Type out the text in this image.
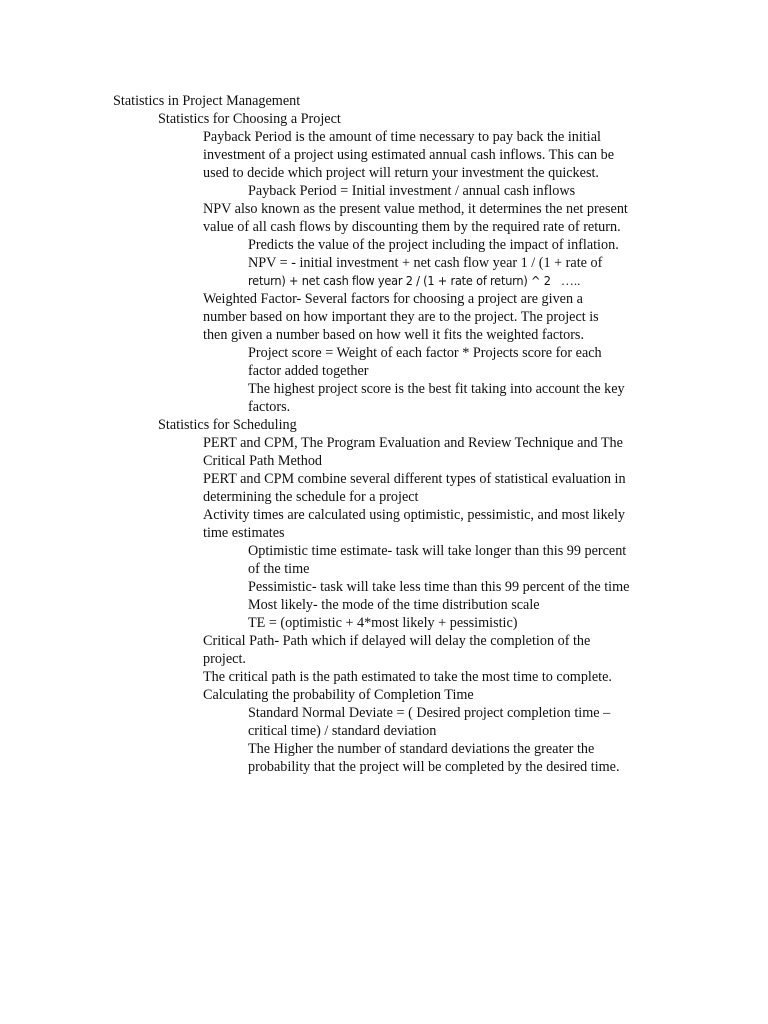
Statistics in Project Management
Statistics for Choosing a Project
Payback Period is the amount of time necessary to pay back the initial
investment of a project using estimated annual cash inflows. This can be
used to decide which project will return your investment the quickest.
Payback Period = Initial investment / annual cash inflows
NPV also known as the present value method, it determines the net present
value of all cash flows by discounting them by the required rate of return.
Predicts the value of the project including the impact of inflation.
NPV = - initial investment + net cash flow year 1 / (1 + rate of
return) + net cash flow year 2 / (1 + rate of return) ^ 2 …..
Weighted Factor- Several factors for choosing a project are given a
number based on how important they are to the project. The project is
then given a number based on how well it fits the weighted factors.
Project score = Weight of each factor * Projects score for each
factor added together
The highest project score is the best fit taking into account the key
factors.
Statistics for Scheduling
PERT and CPM, The Program Evaluation and Review Technique and The
Critical Path Method
PERT and CPM combine several different types of statistical evaluation in
determining the schedule for a project
Activity times are calculated using optimistic, pessimistic, and most likely
time estimates
Optimistic time estimate- task will take longer than this 99 percent
of the time
Pessimistic- task will take less time than this 99 percent of the time
Most likely- the mode of the time distribution scale
TE = (optimistic + 4*most likely + pessimistic)
Critical Path- Path which if delayed will delay the completion of the
project.
The critical path is the path estimated to take the most time to complete.
Calculating the probability of Completion Time
Standard Normal Deviate = ( Desired project completion time –
critical time) / standard deviation
The Higher the number of standard deviations the greater the
probability that the project will be completed by the desired time.
